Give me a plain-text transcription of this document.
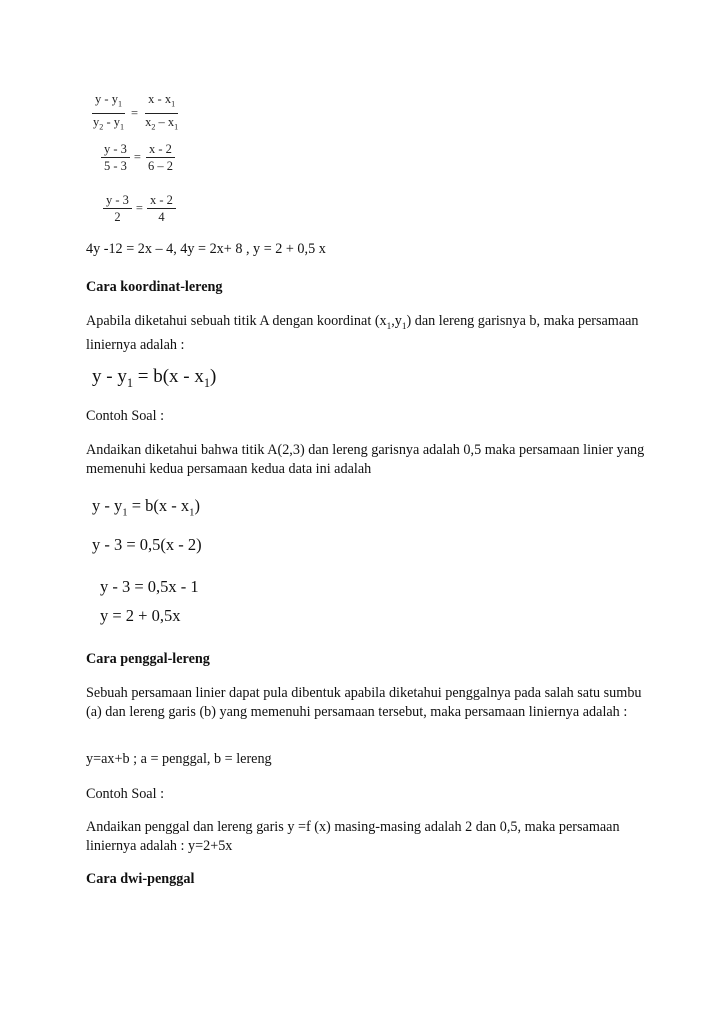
$\frac{y - y_1}{y_2 - y_1} = \frac{x - x_1}{x_2 - x_1}$
$\frac{y - 3}{5 - 3} = \frac{x - 2}{6 - 2}$
$\frac{y - 3}{2} = \frac{x - 2}{4}$
4y -12 = 2x – 4, 4y = 2x+ 8 , y = 2 + 0,5 x
Cara koordinat-lereng
Apabila diketahui sebuah titik A dengan koordinat $(x_1,y_1)$ dan lereng garisnya b, maka persamaan liniernya adalah :
$y - y_1 = b(x - x_1)$
Contoh Soal :
Andaikan diketahui bahwa titik A(2,3) dan lereng garisnya adalah 0,5 maka persamaan linier yang memenuhi kedua persamaan kedua data ini adalah
$y - y_1 = b(x - x_1)$
y - 3 = 0,5(x - 2)
y - 3 = 0,5x - 1
y = 2 + 0,5x
Cara penggal-lereng
Sebuah persamaan linier dapat pula dibentuk apabila diketahui penggalnya pada salah satu sumbu (a) dan lereng garis (b) yang memenuhi persamaan tersebut, maka persamaan liniernya adalah :
y=ax+b ; a = penggal, b = lereng
Contoh Soal :
Andaikan penggal dan lereng garis y =f (x) masing-masing adalah 2 dan 0,5, maka persamaan liniernya adalah : y=2+5x
Cara dwi-penggal
